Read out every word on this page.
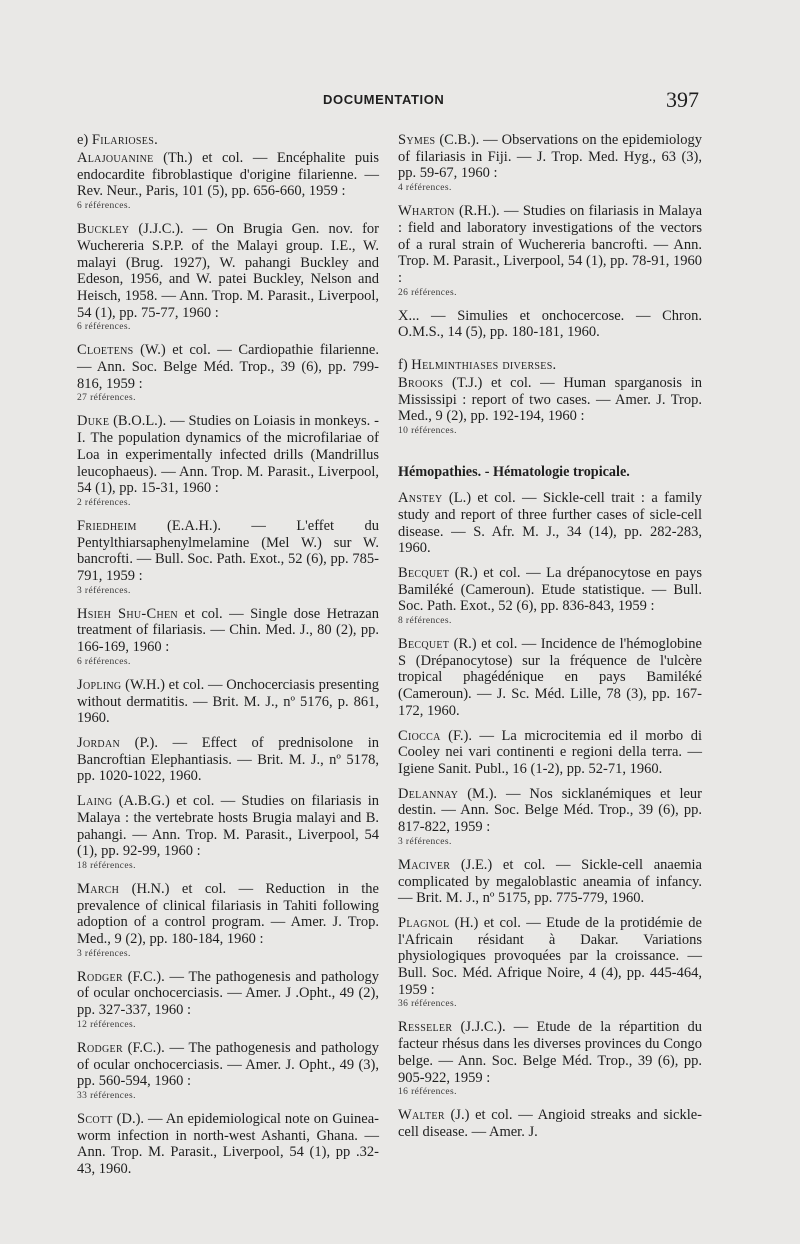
DOCUMENTATION	397
e) Filarioses.
Alajouanine (Th.) et col. — Encéphalite puis endocardite fibroblastique d'origine filarienne. — Rev. Neur., Paris, 101 (5), pp. 656-660, 1959 :
6 références.
Buckley (J.J.C.). — On Brugia Gen. nov. for Wuchereria S.P.P. of the Malayi group. I.E., W. malayi (Brug. 1927), W. pahangi Buckley and Edeson, 1956, and W. patei Buckley, Nelson and Heisch, 1958. — Ann. Trop. M. Parasit., Liverpool, 54 (1), pp. 75-77, 1960 :
6 références.
Cloetens (W.) et col. — Cardiopathie filarienne. — Ann. Soc. Belge Méd. Trop., 39 (6), pp. 799-816, 1959 :
27 références.
Duke (B.O.L.). — Studies on Loiasis in monkeys. - I. The population dynamics of the microfilariae of Loa in experimentally infected drills (Mandrillus leucophaeus). — Ann. Trop. M. Parasit., Liverpool, 54 (1), pp. 15-31, 1960 :
2 références.
Friedheim (E.A.H.). — L'effet du Pentylthiarsaphenylmelamine (Mel W.) sur W. bancrofti. — Bull. Soc. Path. Exot., 52 (6), pp. 785-791, 1959 :
3 références.
Hsieh Shu-Chen et col. — Single dose Hetrazan treatment of filariasis. — Chin. Med. J., 80 (2), pp. 166-169, 1960 :
6 références.
Jopling (W.H.) et col. — Onchocerciasis presenting without dermatitis. — Brit. M. J., nº 5176, p. 861, 1960.
Jordan (P.). — Effect of prednisolone in Bancroftian Elephantiasis. — Brit. M. J., nº 5178, pp. 1020-1022, 1960.
Laing (A.B.G.) et col. — Studies on filariasis in Malaya : the vertebrate hosts Brugia malayi and B. pahangi. — Ann. Trop. M. Parasit., Liverpool, 54 (1), pp. 92-99, 1960 :
18 références.
March (H.N.) et col. — Reduction in the prevalence of clinical filariasis in Tahiti following adoption of a control program. — Amer. J. Trop. Med., 9 (2), pp. 180-184, 1960 :
3 références.
Rodger (F.C.). — The pathogenesis and pathology of ocular onchocerciasis. — Amer. J .Opht., 49 (2), pp. 327-337, 1960 :
12 références.
Rodger (F.C.). — The pathogenesis and pathology of ocular onchocerciasis. — Amer. J. Opht., 49 (3), pp. 560-594, 1960 :
33 références.
Scott (D.). — An epidemiological note on Guinea-worm infection in north-west Ashanti, Ghana. — Ann. Trop. M. Parasit., Liverpool, 54 (1), pp .32-43, 1960.
Symes (C.B.). — Observations on the epidemiology of filariasis in Fiji. — J. Trop. Med. Hyg., 63 (3), pp. 59-67, 1960 :
4 références.
Wharton (R.H.). — Studies on filariasis in Malaya : field and laboratory investigations of the vectors of a rural strain of Wuchereria bancrofti. — Ann. Trop. M. Parasit., Liverpool, 54 (1), pp. 78-91, 1960 :
26 références.
X... — Simulies et onchocercose. — Chron. O.M.S., 14 (5), pp. 180-181, 1960.
f) Helminthiases diverses.
Brooks (T.J.) et col. — Human sparganosis in Mississipi : report of two cases. — Amer. J. Trop. Med., 9 (2), pp. 192-194, 1960 :
10 références.
Hémopathies. - Hématologie tropicale.
Anstey (L.) et col. — Sickle-cell trait : a family study and report of three further cases of sicle-cell disease. — S. Afr. M. J., 34 (14), pp. 282-283, 1960.
Becquet (R.) et col. — La drépanocytose en pays Bamiléké (Cameroun). Etude statistique. — Bull. Soc. Path. Exot., 52 (6), pp. 836-843, 1959 :
8 références.
Becquet (R.) et col. — Incidence de l'hémoglobine S (Drépanocytose) sur la fréquence de l'ulcère tropical phagédénique en pays Bamiléké (Cameroun). — J. Sc. Méd. Lille, 78 (3), pp. 167-172, 1960.
Ciocca (F.). — La microcitemia ed il morbo di Cooley nei vari continenti e regioni della terra. — Igiene Sanit. Publ., 16 (1-2), pp. 52-71, 1960.
Delannay (M.). — Nos sicklanémiques et leur destin. — Ann. Soc. Belge Méd. Trop., 39 (6), pp. 817-822, 1959 :
3 références.
Maciver (J.E.) et col. — Sickle-cell anaemia complicated by megaloblastic aneamia of infancy. — Brit. M. J., nº 5175, pp. 775-779, 1960.
Plagnol (H.) et col. — Etude de la protidémie de l'Africain résidant à Dakar. Variations physiologiques provoquées par la croissance. — Bull. Soc. Méd. Afrique Noire, 4 (4), pp. 445-464, 1959 :
36 références.
Resseler (J.J.C.). — Etude de la répartition du facteur rhésus dans les diverses provinces du Congo belge. — Ann. Soc. Belge Méd. Trop., 39 (6), pp. 905-922, 1959 :
16 références.
Walter (J.) et col. — Angioid streaks and sickle-cell disease. — Amer. J.
